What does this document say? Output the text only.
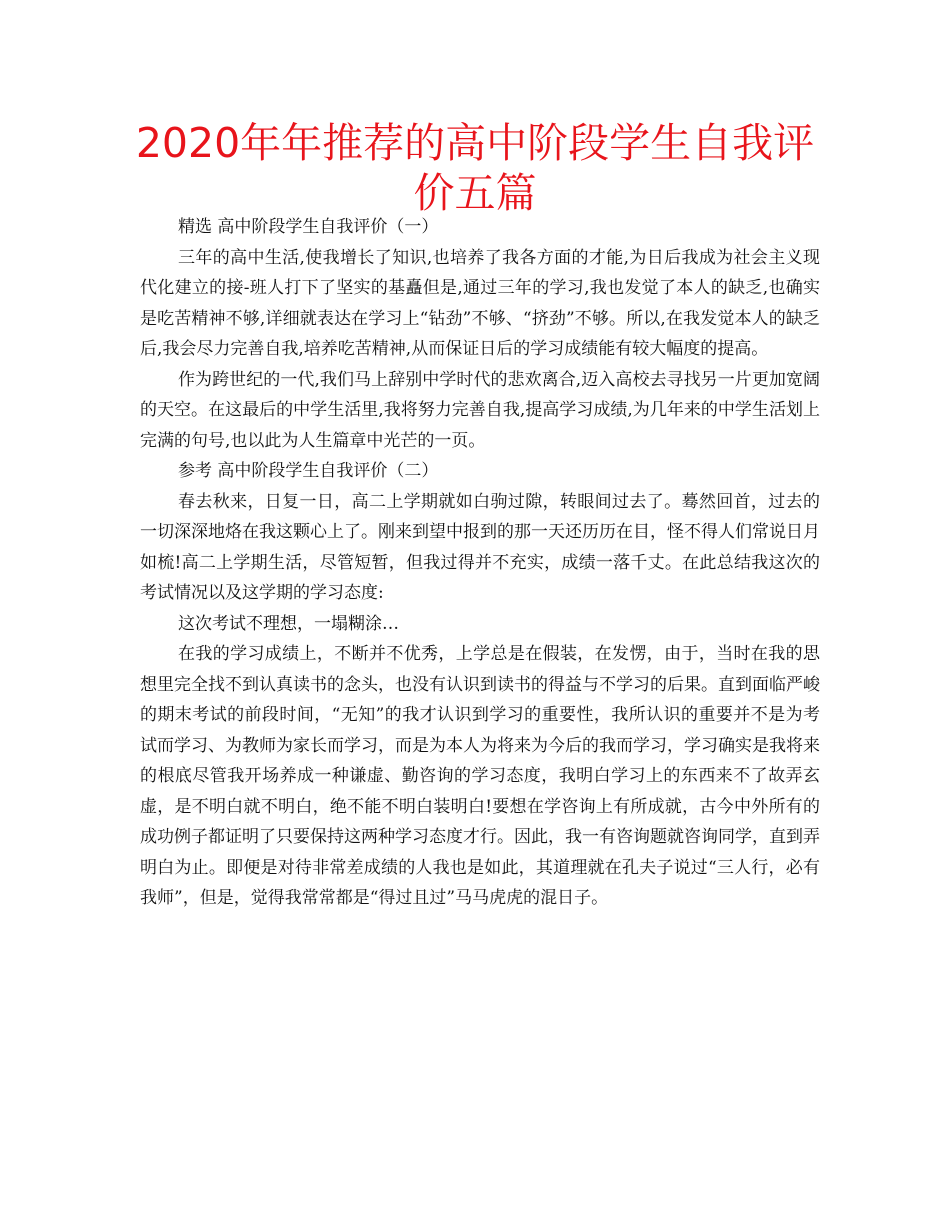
2020年年推荐的高中阶段学生自我评价五篇

精选 高中阶段学生自我评价（一）

三年的高中生活,使我增长了知识,也培养了我各方面的才能,为日后我成为社会主义现代化建立的接-班人打下了坚实的基矗但是,通过三年的学习,我也发觉了本人的缺乏,也确实是吃苦精神不够,详细就表达在学习上“钻劲”不够、“挤劲”不够。所以,在我发觉本人的缺乏后,我会尽力完善自我,培养吃苦精神,从而保证日后的学习成绩能有较大幅度的提高。

作为跨世纪的一代,我们马上辞别中学时代的悲欢离合,迈入高校去寻找另一片更加宽阔的天空。在这最后的中学生活里,我将努力完善自我,提高学习成绩,为几年来的中学生活划上完满的句号,也以此为人生篇章中光芒的一页。

参考 高中阶段学生自我评价（二）

春去秋来，日复一日，高二上学期就如白驹过隙，转眼间过去了。蓦然回首，过去的一切深深地烙在我这颗心上了。刚来到望中报到的那一天还历历在目，怪不得人们常说日月如梳!高二上学期生活，尽管短暂，但我过得并不充实，成绩一落千丈。在此总结我这次的考试情况以及这学期的学习态度:

这次考试不理想，一塌糊涂…

在我的学习成绩上，不断并不优秀，上学总是在假装，在发愣，由于，当时在我的思想里完全找不到认真读书的念头，也没有认识到读书的得益与不学习的后果。直到面临严峻的期末考试的前段时间，“无知”的我才认识到学习的重要性，我所认识的重要并不是为考试而学习、为教师为家长而学习，而是为本人为将来为今后的我而学习，学习确实是我将来的根底尽管我开场养成一种谦虚、勤咨询的学习态度，我明白学习上的东西来不了故弄玄虚，是不明白就不明白，绝不能不明白装明白!要想在学咨询上有所成就，古今中外所有的成功例子都证明了只要保持这两种学习态度才行。因此，我一有咨询题就咨询同学，直到弄明白为止。即便是对待非常差成绩的人我也是如此，其道理就在孔夫子说过“三人行，必有我师”，但是，觉得我常常都是“得过且过”马马虎虎的混日子。
